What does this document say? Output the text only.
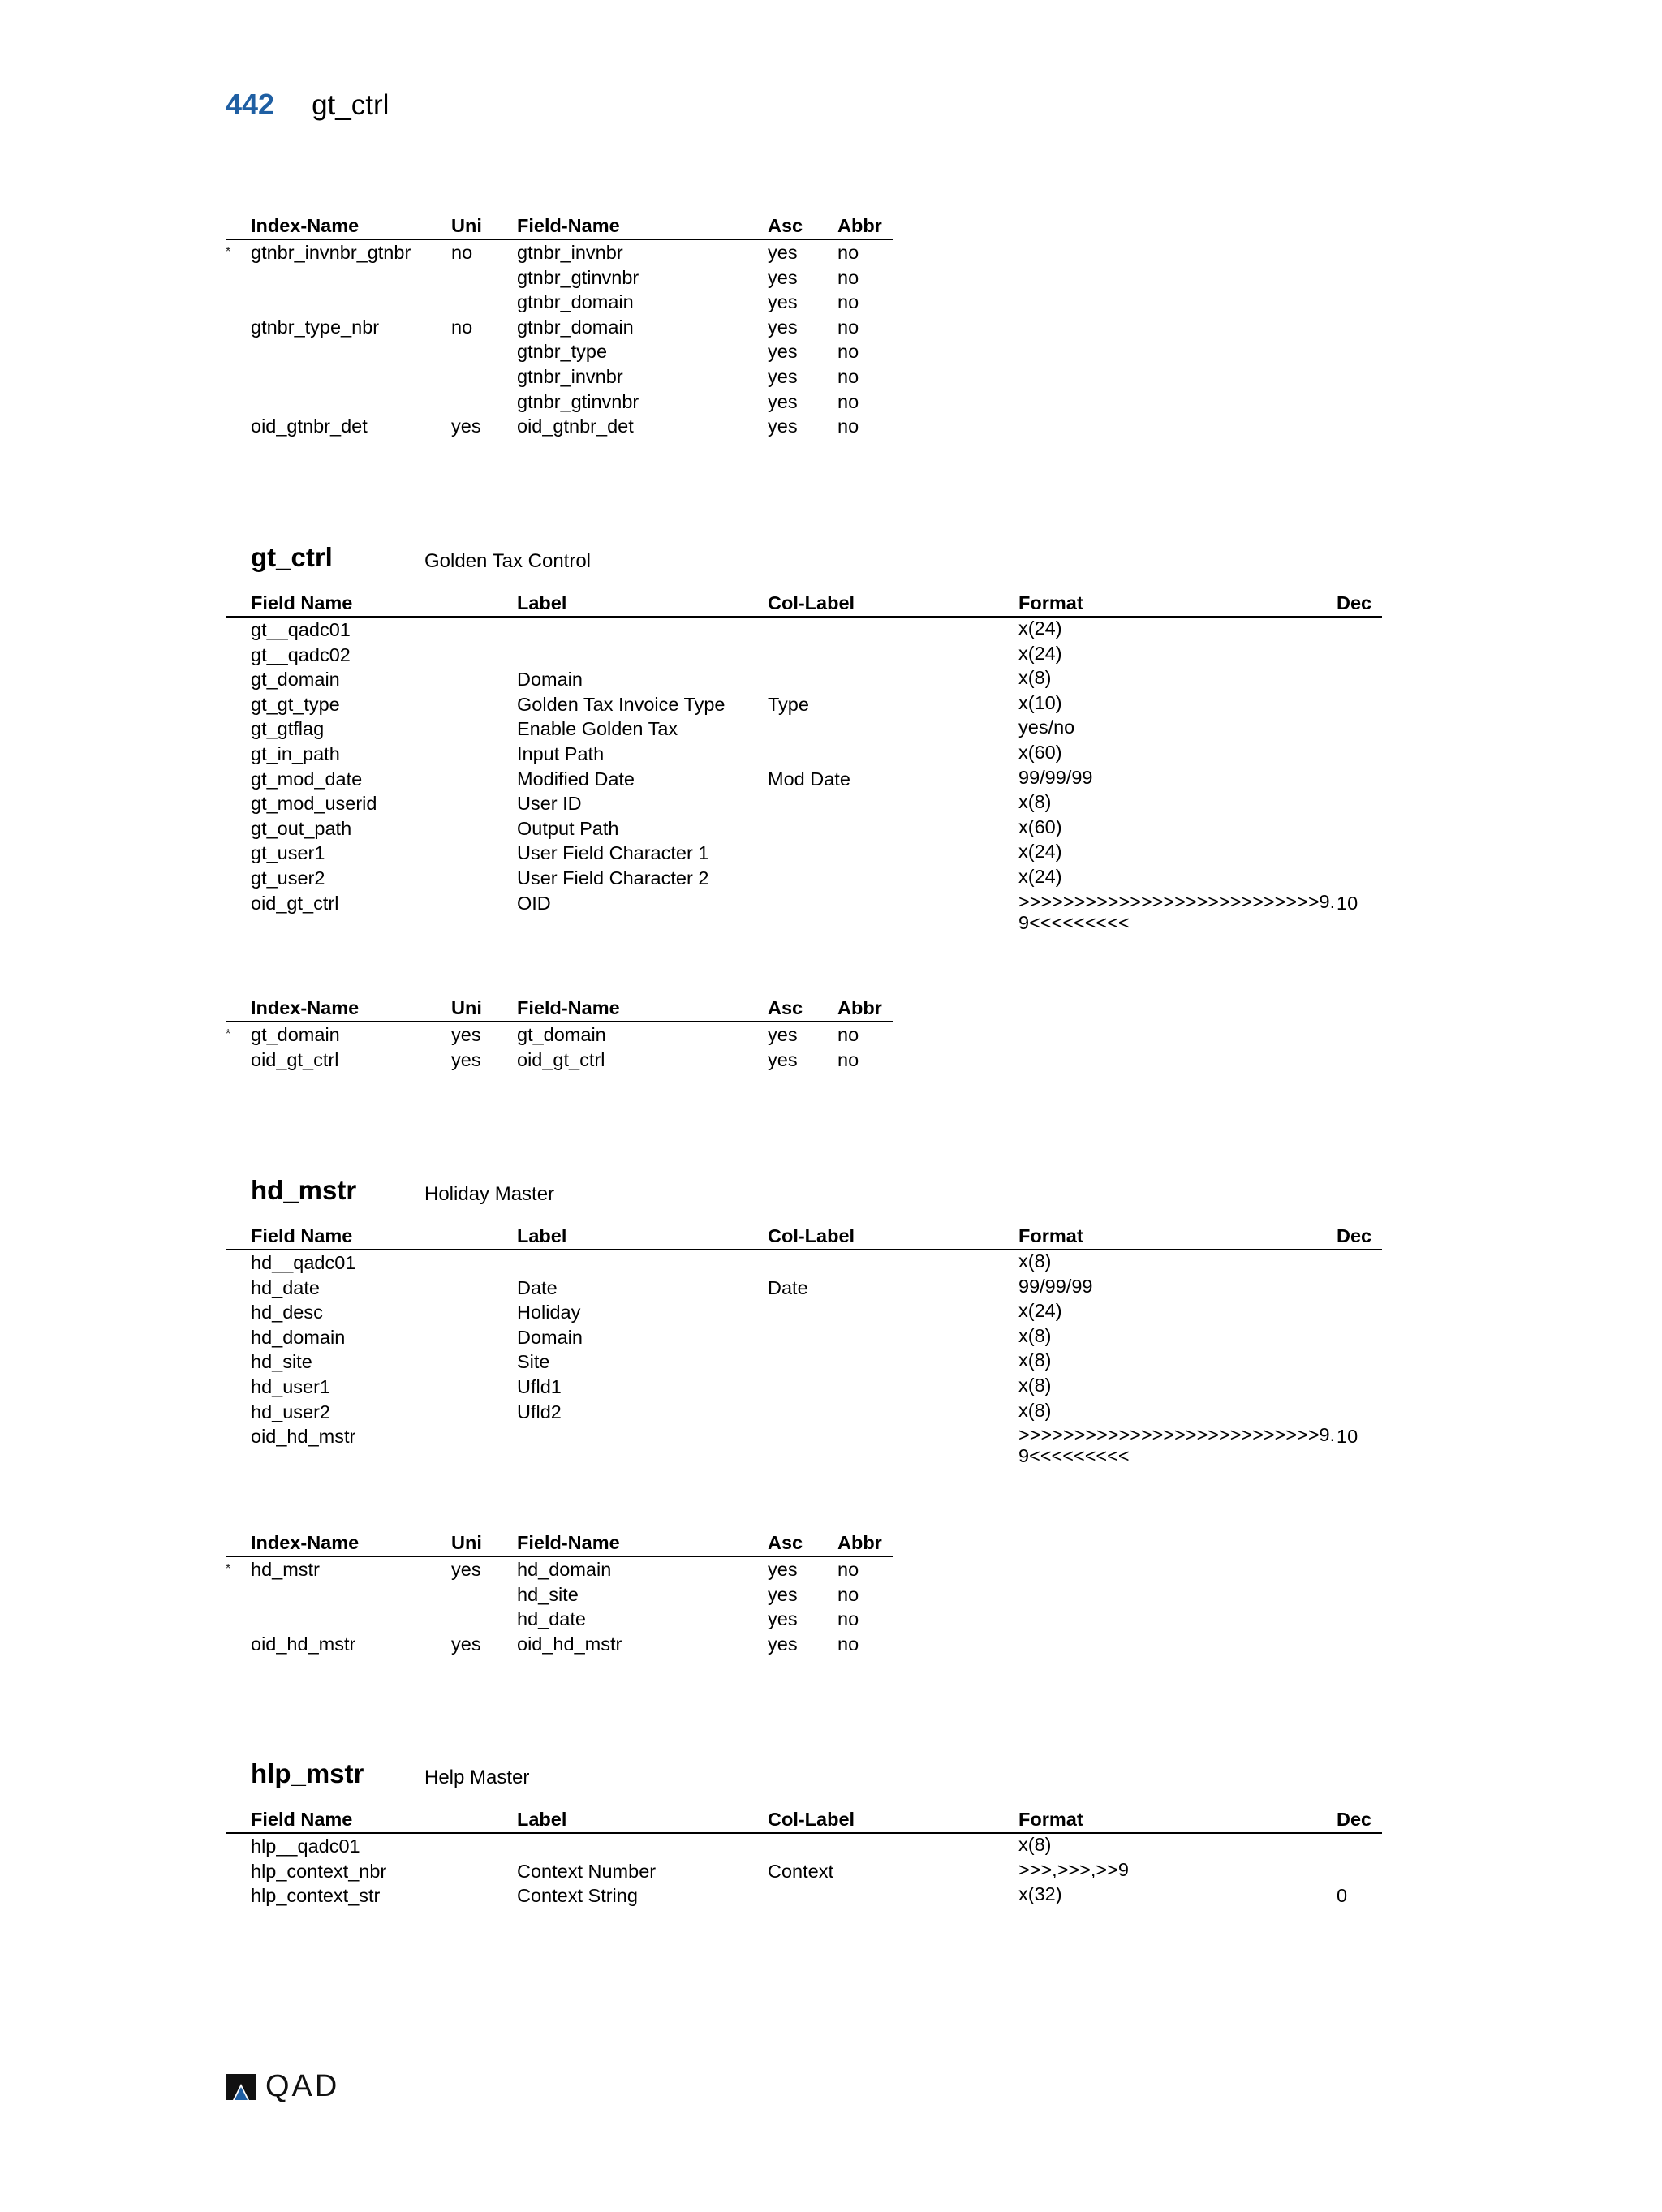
442 gt_ctrl
	Index-Name	Uni	Field-Name	Asc	Abbr
*	gtnbr_invnbr_gtnbr	no	gtnbr_invnbr	yes	no
			gtnbr_gtinvnbr	yes	no
			gtnbr_domain	yes	no
	gtnbr_type_nbr	no	gtnbr_domain	yes	no
			gtnbr_type	yes	no
			gtnbr_invnbr	yes	no
			gtnbr_gtinvnbr	yes	no
	oid_gtnbr_det	yes	oid_gtnbr_det	yes	no
gt_ctrl	Golden Tax Control
	Field Name	Label	Col-Label	Format	Dec
	gt__qadc01			x(24)	
	gt__qadc02			x(24)	
	gt_domain	Domain		x(8)	
	gt_gt_type	Golden Tax Invoice Type	Type	x(10)	
	gt_gtflag	Enable Golden Tax		yes/no	
	gt_in_path	Input Path		x(60)	
	gt_mod_date	Modified Date	Mod Date	99/99/99	
	gt_mod_userid	User ID		x(8)	
	gt_out_path	Output Path		x(60)	
	gt_user1	User Field Character 1		x(24)	
	gt_user2	User Field Character 2		x(24)	
	oid_gt_ctrl	OID		>>>>>>>>>>>>>>>>>>>>>>>>>>>9.9<<<<<<<<<	10
	Index-Name	Uni	Field-Name	Asc	Abbr
*	gt_domain	yes	gt_domain	yes	no
	oid_gt_ctrl	yes	oid_gt_ctrl	yes	no
hd_mstr	Holiday Master
	Field Name	Label	Col-Label	Format	Dec
	hd__qadc01			x(8)	
	hd_date	Date	Date	99/99/99	
	hd_desc	Holiday		x(24)	
	hd_domain	Domain		x(8)	
	hd_site	Site		x(8)	
	hd_user1	Ufld1		x(8)	
	hd_user2	Ufld2		x(8)	
	oid_hd_mstr			>>>>>>>>>>>>>>>>>>>>>>>>>>>9.9<<<<<<<<<	10
	Index-Name	Uni	Field-Name	Asc	Abbr
*	hd_mstr	yes	hd_domain	yes	no
			hd_site	yes	no
			hd_date	yes	no
	oid_hd_mstr	yes	oid_hd_mstr	yes	no
hlp_mstr	Help Master
	Field Name	Label	Col-Label	Format	Dec
	hlp__qadc01			x(8)	
	hlp_context_nbr	Context Number	Context	>>>,>>>,>>9	
	hlp_context_str	Context String		x(32)	0
QAD
